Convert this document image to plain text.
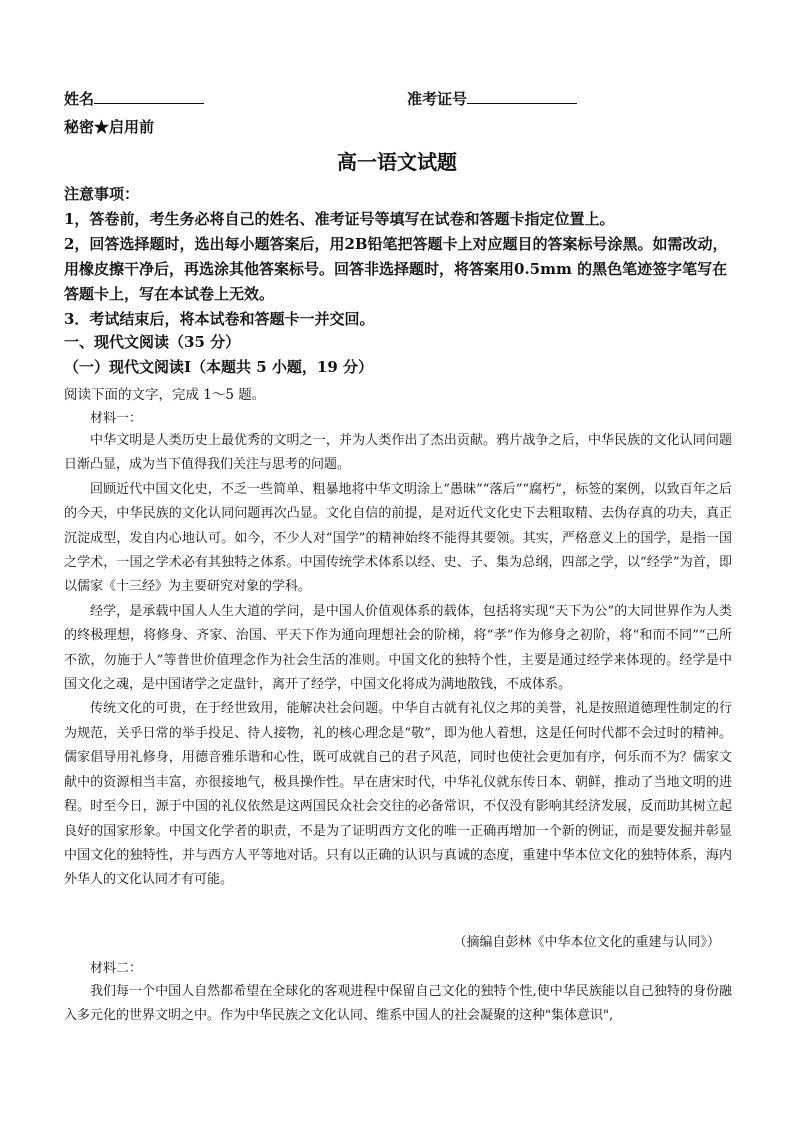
姓名	准考证号
秘密★启用前
高一语文试题

注意事项：

1，答卷前，考生务必将自己的姓名、准考证号等填写在试卷和答题卡指定位置上。

2，回答选择题时，选出每小题答案后，用2B铅笔把答题卡上对应题目的答案标号涂黑。如需改动，用橡皮擦干净后，再选涂其他答案标号。回答非选择题时，将答案用0.5mm 的黑色笔迹签字笔写在答题卡上，写在本试卷上无效。

3．考试结束后，将本试卷和答题卡一并交回。

一、现代文阅读（35 分）
（一）现代文阅读Ⅰ（本题共 5 小题，19 分）
阅读下面的文字，完成 1～5 题。
材料一：

中华文明是人类历史上最优秀的文明之一，并为人类作出了杰出贡献。鸦片战争之后，中华民族的文化认同问题日渐凸显，成为当下值得我们关注与思考的问题。

回顾近代中国文化史，不乏一些简单、粗暴地将中华文明涂上“愚昧”“落后”“腐朽”，标签的案例，以致百年之后的今天，中华民族的文化认同问题再次凸显。文化自信的前提，是对近代文化史下去粗取精、去伪存真的功夫，真正沉淀成型，发自内心地认可。如今，不少人对“国学”的精神始终不能得其要领。其实，严格意义上的国学，是指一国之学术，一国之学术必有其独特之体系。中国传统学术体系以经、史、子、集为总纲，四部之学，以“经学”为首，即以儒家《十三经》为主要研究对象的学科。

经学，是承载中国人人生大道的学问，是中国人价值观体系的载体，包括将实现“天下为公”的大同世界作为人类的终极理想，将修身、齐家、治国、平天下作为通向理想社会的阶梯，将“孝”作为修身之初阶，将“和而不同”“己所不欲，勿施于人”等普世价值理念作为社会生活的准则。中国文化的独特个性，主要是通过经学来体现的。经学是中国文化之魂，是中国诸学之定盘针，离开了经学，中国文化将成为满地散钱，不成体系。

传统文化的可贵，在于经世致用，能解决社会问题。中华自古就有礼仪之邦的美誉，礼是按照道德理性制定的行为规范，关乎日常的举手投足、待人接物，礼的核心理念是“敬”，即为他人着想，这是任何时代都不会过时的精神。儒家倡导用礼修身，用德音雅乐谐和心性，既可成就自己的君子风范，同时也使社会更加有序，何乐而不为？儒家文献中的资源相当丰富，亦很接地气，极具操作性。早在唐宋时代，中华礼仪就东传日本、朝鲜，推动了当地文明的进程。时至今日，源于中国的礼仪依然是这两国民众社会交往的必备常识，不仅没有影响其经济发展，反而助其树立起良好的国家形象。中国文化学者的职责，不是为了证明西方文化的唯一正确再增加一个新的例证，而是要发掘并彰显中国文化的独特性，并与西方人平等地对话。只有以正确的认识与真诚的态度，重建中华本位文化的独特体系，海内外华人的文化认同才有可能。

（摘编自彭林《中华本位文化的重建与认同》）
材料二：

我们每一个中国人自然都希望在全球化的客观进程中保留自己文化的独特个性,使中华民族能以自己独特的身份融入多元化的世界文明之中。作为中华民族之文化认同、维系中国人的社会凝聚的这种"集体意识",
